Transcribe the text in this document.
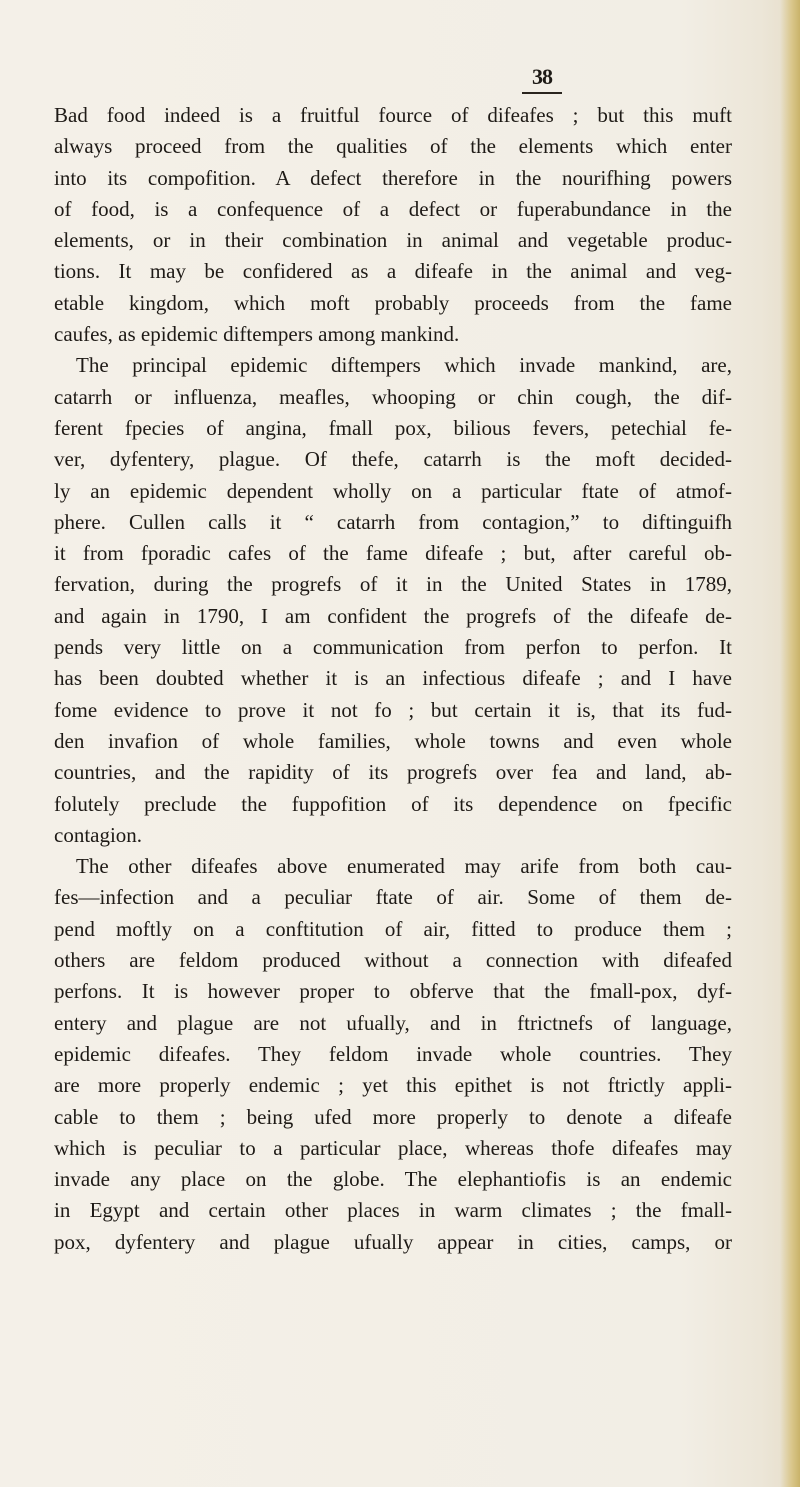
38
Bad food indeed is a fruitful fource of difeafes ; but this muft
always proceed from the qualities of the elements which enter
into its compofition. A defect therefore in the nourifhing powers
of food, is a confequence of a defect or fuperabundance in the
elements, or in their combination in animal and vegetable produc-
tions. It may be confidered as a difeafe in the animal and veg-
etable kingdom, which moft probably proceeds from the fame
caufes, as epidemic diftempers among mankind.
The principal epidemic diftempers which invade mankind, are,
catarrh or influenza, meafles, whooping or chin cough, the dif-
ferent fpecies of angina, fmall pox, bilious fevers, petechial fe-
ver, dyfentery, plague. Of thefe, catarrh is the moft decided-
ly an epidemic dependent wholly on a particular ftate of atmof-
phere. Cullen calls it “ catarrh from contagion,” to diftinguifh
it from fporadic cafes of the fame difeafe ; but, after careful ob-
fervation, during the progrefs of it in the United States in 1789,
and again in 1790, I am confident the progrefs of the difeafe de-
pends very little on a communication from perfon to perfon. It
has been doubted whether it is an infectious difeafe ; and I have
fome evidence to prove it not fo ; but certain it is, that its fud-
den invafion of whole families, whole towns and even whole
countries, and the rapidity of its progrefs over fea and land, ab-
folutely preclude the fuppofition of its dependence on fpecific
contagion.
The other difeafes above enumerated may arife from both cau-
fes—infection and a peculiar ftate of air. Some of them de-
pend moftly on a conftitution of air, fitted to produce them ;
others are feldom produced without a connection with difeafed
perfons. It is however proper to obferve that the fmall-pox, dyf-
entery and plague are not ufually, and in ftrictnefs of language,
epidemic difeafes. They feldom invade whole countries. They
are more properly endemic ; yet this epithet is not ftrictly appli-
cable to them ; being ufed more properly to denote a difeafe
which is peculiar to a particular place, whereas thofe difeafes may
invade any place on the globe. The elephantiofis is an endemic
in Egypt and certain other places in warm climates ; the fmall-
pox, dyfentery and plague ufually appear in cities, camps, or
